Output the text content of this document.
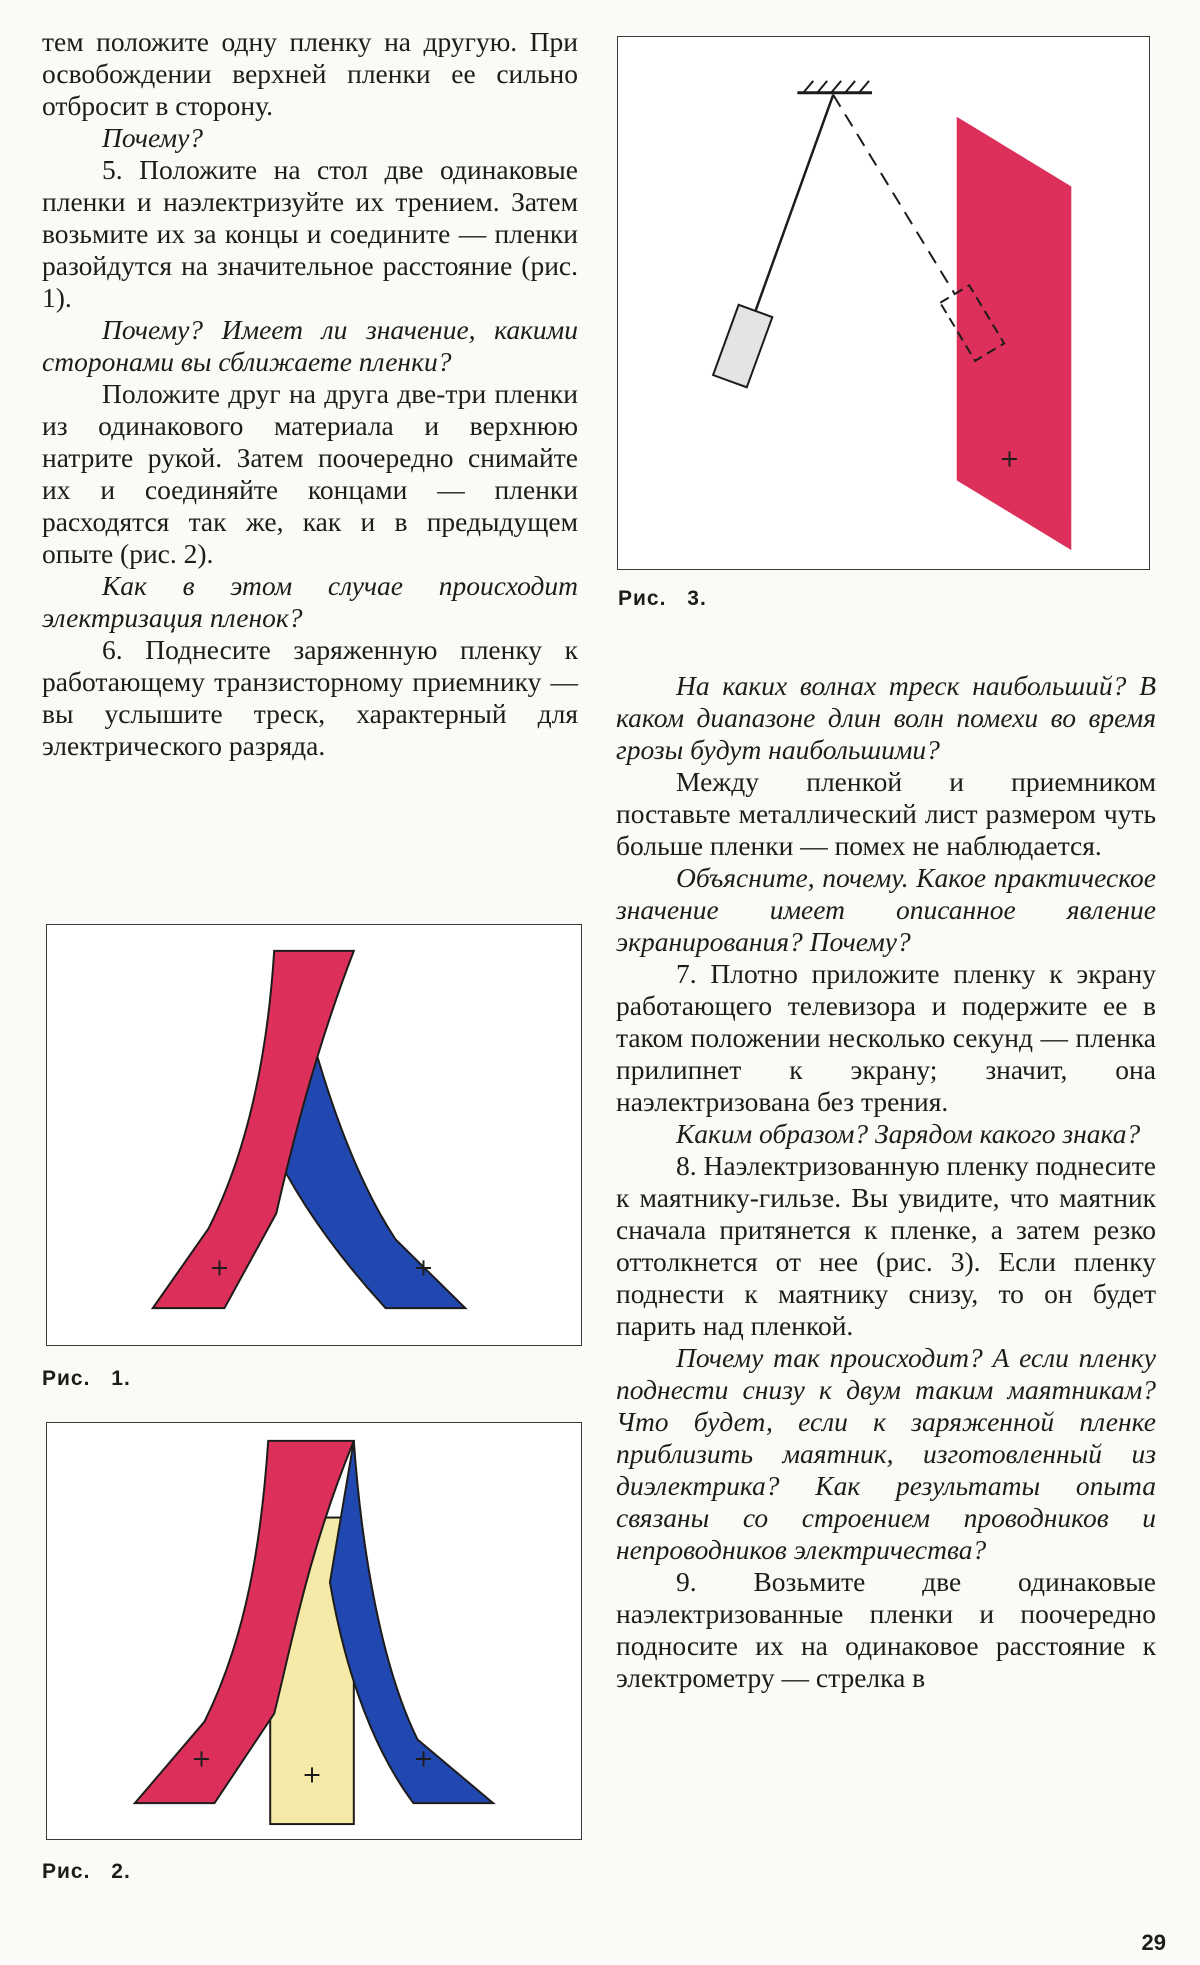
тем положите одну пленку на другую. При освобождении верхней пленки ее сильно отбросит в сторону.

Почему?

5. Положите на стол две одинаковые пленки и наэлектризуйте их трением. Затем возьмите их за концы и соедините — пленки разойдутся на значительное расстояние (рис. 1).

Почему? Имеет ли значение, какими сторонами вы сближаете пленки?

Положите друг на друга две-три пленки из одинакового материала и верхнюю натрите рукой. Затем поочередно снимайте их и соединяйте концами — пленки расходятся так же, как и в предыдущем опыте (рис. 2).

Как в этом случае происходит электризация пленок?

6. Поднесите заряженную пленку к работающему транзисторному приемнику — вы услышите треск, характерный для электрического разряда.

+
Рис. 3.

На каких волнах треск наибольший? В каком диапазоне длин волн помехи во время грозы будут наибольшими?

Между пленкой и приемником поставьте металлический лист размером чуть больше пленки — помех не наблюдается.

Объясните, почему. Какое практическое значение имеет описанное явление экранирования? Почему?

7. Плотно приложите пленку к экрану работающего телевизора и подержите ее в таком положении несколько секунд — пленка прилипнет к экрану; значит, она наэлектризована без трения.

Каким образом? Зарядом какого знака?

8. Наэлектризованную пленку поднесите к маятнику-гильзе. Вы увидите, что маятник сначала притянется к пленке, а затем резко оттолкнется от нее (рис. 3). Если пленку поднести к маятнику снизу, то он будет парить над пленкой.

Почему так происходит? А если пленку поднести снизу к двум таким маятникам? Что будет, если к заряженной пленке приблизить маятник, изготовленный из диэлектрика? Как результаты опыта связаны со строением проводников и непроводников электричества?

9. Возьмите две одинаковые наэлектризованные пленки и поочередно подносите их на одинаковое расстояние к электрометру — стрелка в

+	+
Рис. 1.
+
+
+
Рис. 2.
29
